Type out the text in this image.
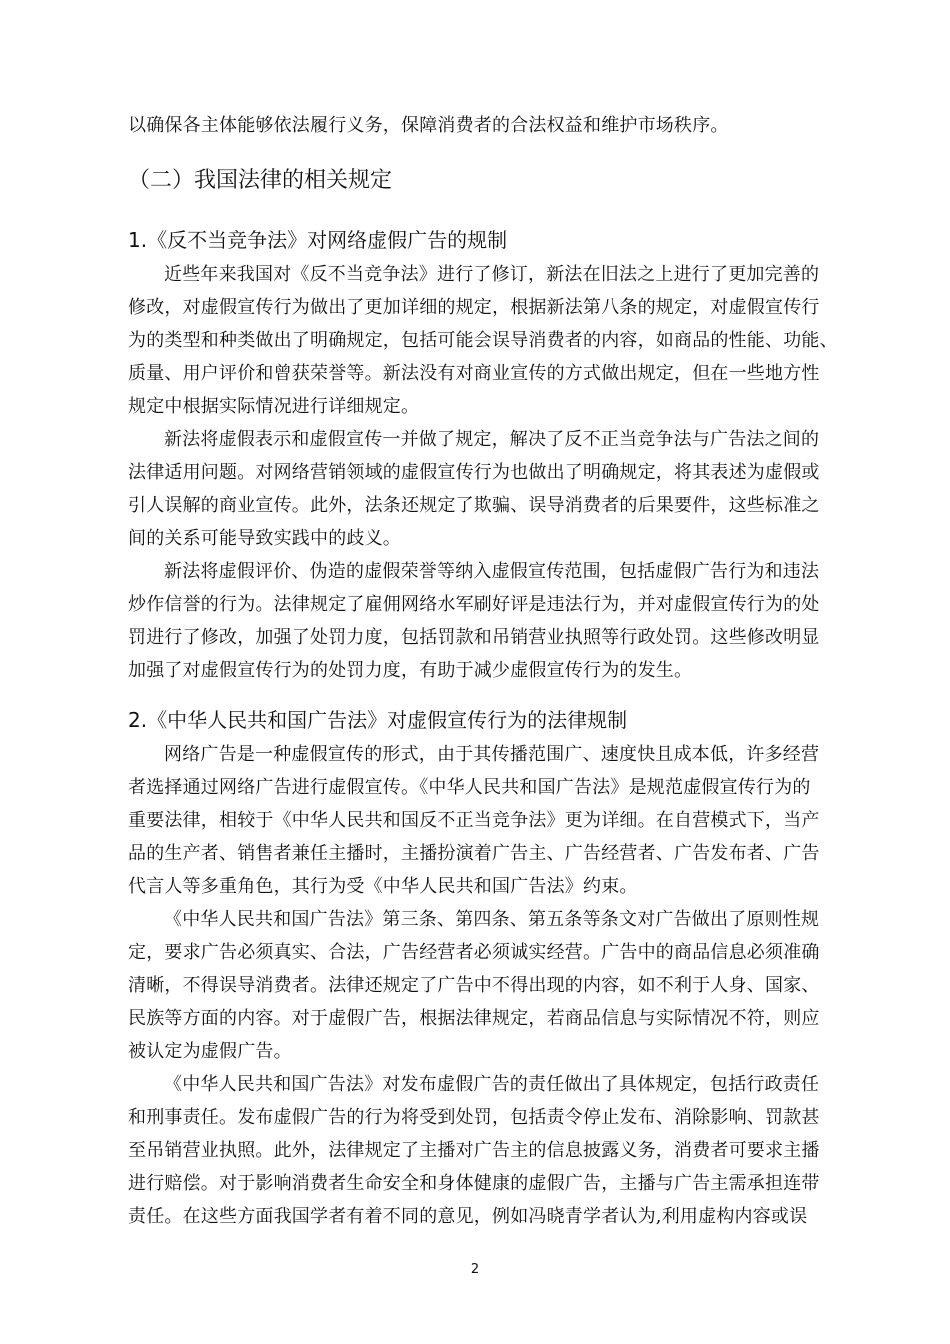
以确保各主体能够依法履行义务，保障消费者的合法权益和维护市场秩序。
（二）我国法律的相关规定
1.《反不当竞争法》对网络虚假广告的规制
近些年来我国对《反不当竞争法》进行了修订，新法在旧法之上进行了更加完善的
修改，对虚假宣传行为做出了更加详细的规定，根据新法第八条的规定，对虚假宣传行
为的类型和种类做出了明确规定，包括可能会误导消费者的内容，如商品的性能、功能、
质量、用户评价和曾获荣誉等。新法没有对商业宣传的方式做出规定，但在一些地方性
规定中根据实际情况进行详细规定。
新法将虚假表示和虚假宣传一并做了规定，解决了反不正当竞争法与广告法之间的
法律适用问题。对网络营销领域的虚假宣传行为也做出了明确规定，将其表述为虚假或
引人误解的商业宣传。此外，法条还规定了欺骗、误导消费者的后果要件，这些标准之
间的关系可能导致实践中的歧义。
新法将虚假评价、伪造的虚假荣誉等纳入虚假宣传范围，包括虚假广告行为和违法
炒作信誉的行为。法律规定了雇佣网络水军刷好评是违法行为，并对虚假宣传行为的处
罚进行了修改，加强了处罚力度，包括罚款和吊销营业执照等行政处罚。这些修改明显
加强了对虚假宣传行为的处罚力度，有助于减少虚假宣传行为的发生。
2.《中华人民共和国广告法》对虚假宣传行为的法律规制
网络广告是一种虚假宣传的形式，由于其传播范围广、速度快且成本低，许多经营
者选择通过网络广告进行虚假宣传。《中华人民共和国广告法》是规范虚假宣传行为的
重要法律，相较于《中华人民共和国反不正当竞争法》更为详细。在自营模式下，当产
品的生产者、销售者兼任主播时，主播扮演着广告主、广告经营者、广告发布者、广告
代言人等多重角色，其行为受《中华人民共和国广告法》约束。
《中华人民共和国广告法》第三条、第四条、第五条等条文对广告做出了原则性规
定，要求广告必须真实、合法，广告经营者必须诚实经营。广告中的商品信息必须准确
清晰，不得误导消费者。法律还规定了广告中不得出现的内容，如不利于人身、国家、
民族等方面的内容。对于虚假广告，根据法律规定，若商品信息与实际情况不符，则应
被认定为虚假广告。
《中华人民共和国广告法》对发布虚假广告的责任做出了具体规定，包括行政责任
和刑事责任。发布虚假广告的行为将受到处罚，包括责令停止发布、消除影响、罚款甚
至吊销营业执照。此外，法律规定了主播对广告主的信息披露义务，消费者可要求主播
进行赔偿。对于影响消费者生命安全和身体健康的虚假广告，主播与广告主需承担连带
责任。在这些方面我国学者有着不同的意见，例如冯晓青学者认为,利用虚构内容或误
2
